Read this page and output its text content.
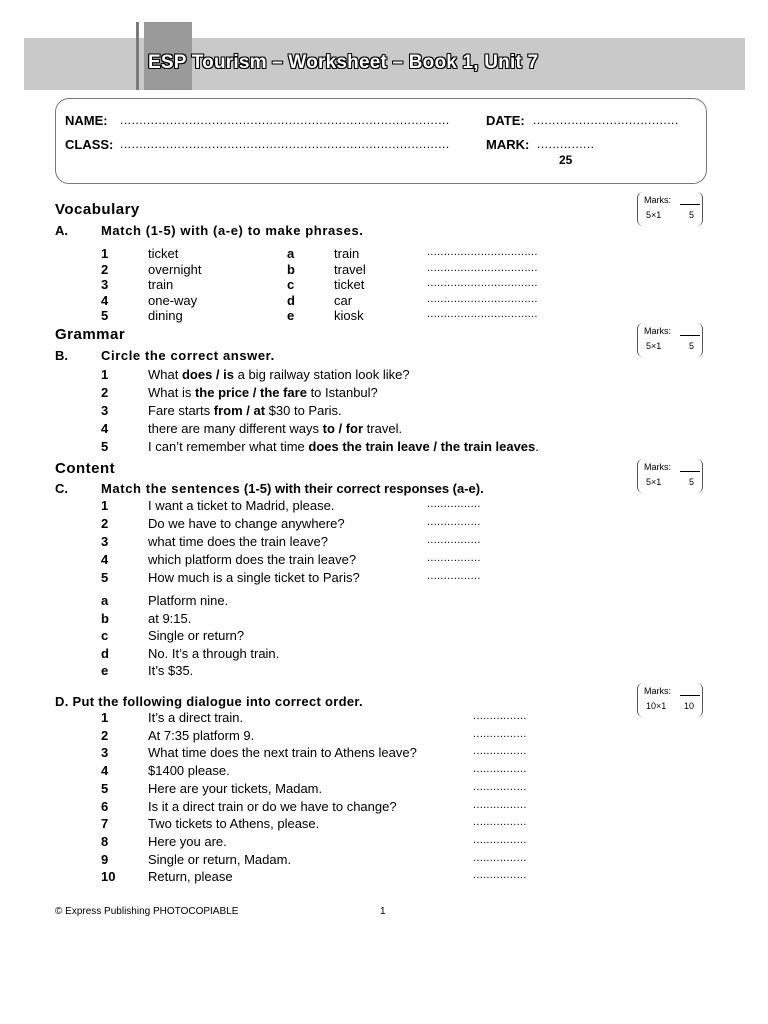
ESP Tourism – Worksheet – Book 1, Unit 7
NAME: ......................................................................................	DATE: ......................................
CLASS: ......................................................................................	MARK: ...............
25
Vocabulary
A.	Match (1-5) with (a-e) to make phrases.
Marks:
5×1	5
1	ticket	a	train	.................................
2	overnight	b	travel	.................................
3	train	c	ticket	.................................
4	one-way	d	car	.................................
5	dining	e	kiosk	.................................
Grammar
B.	Circle the correct answer.
Marks:
5×1	5
1	What does / is a big railway station look like?
2	What is the price / the fare to Istanbul?
3	Fare starts from / at $30 to Paris.
4	there are many different ways to / for travel.
5	I can’t remember what time does the train leave / the train leaves.
Content
C.	Match the sentences (1-5) with their correct responses (a-e).
Marks:
5×1	5
1	I want a ticket to Madrid, please.	................
2	Do we have to change anywhere?	................
3	what time does the train leave?	................
4	which platform does the train leave?	................
5	How much is a single ticket to Paris?	................
a	Platform nine.
b	at 9:15.
c	Single or return?
d	No. It’s a through train.
e	It’s $35.
D. Put the following dialogue into correct order.
Marks:
10×1 10
1	It’s a direct train.	................
2	At 7:35 platform 9.	................
3	What time does the next train to Athens leave?	................
4	$1400 please.	................
5	Here are your tickets, Madam.	................
6	Is it a direct train or do we have to change?	................
7	Two tickets to Athens, please.	................
8	Here you are.	................
9	Single or return, Madam.	................
10	Return, please	................
© Express Publishing PHOTOCOPIABLE	1
